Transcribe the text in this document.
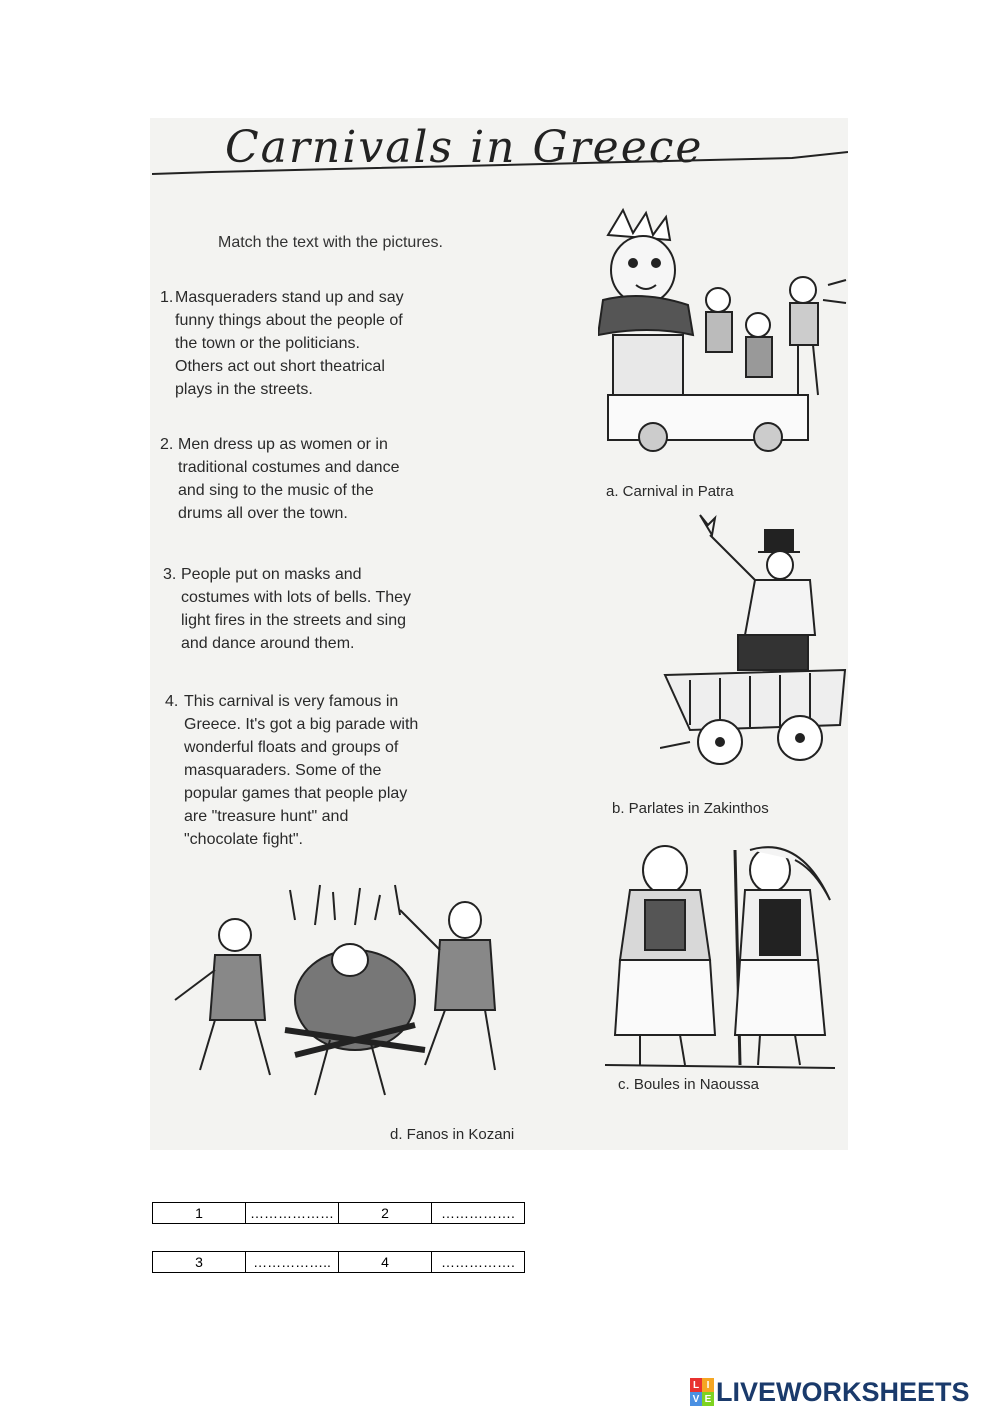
Carnivals in Greece
Match the text with the pictures.
1. Masqueraders stand up and say
funny things about the people of
the town or the politicians.
Others act out short theatrical
plays in the streets.
2. Men dress up as women or in
traditional costumes and dance
and sing to the music of the
drums all over the town.
3. People put on masks and
costumes with lots of bells. They
light fires in the streets and sing
and dance around them.
4. This carnival is very famous in
Greece. It's got a big parade with
wonderful floats and groups of
masquaraders. Some of the
popular games that people play
are "treasure hunt" and
"chocolate fight".
a. Carnival in Patra
b. Parlates in Zakinthos
c. Boules in Naoussa
d. Fanos in Kozani
1	………………	2	…………….
3	……………..	4	…………….
L I
V E LIVEWORKSHEETS
